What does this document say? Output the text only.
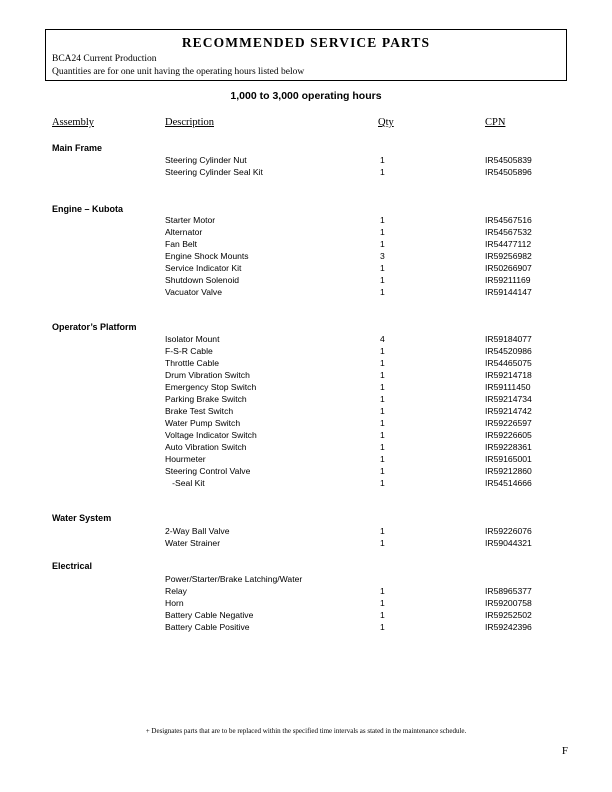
RECOMMENDED SERVICE PARTS
BCA24 Current Production
Quantities are for one unit having the operating hours listed below
1,000 to 3,000 operating hours
Assembly	Description	Qty	CPN
Main Frame
Steering Cylinder Nut	1	IR54505839
Steering Cylinder Seal Kit	1	IR54505896
Engine – Kubota
Starter Motor	1	IR54567516
Alternator	1	IR54567532
Fan Belt	1	IR54477112
Engine Shock Mounts	3	IR59256982
Service Indicator Kit	1	IR50266907
Shutdown Solenoid	1	IR59211169
Vacuator Valve	1	IR59144147
Operator’s Platform
Isolator Mount	4	IR59184077
F-S-R Cable	1	IR54520986
Throttle Cable	1	IR54465075
Drum Vibration Switch	1	IR59214718
Emergency Stop Switch	1	IR59111450
Parking Brake Switch	1	IR59214734
Brake Test Switch	1	IR59214742
Water Pump Switch	1	IR59226597
Voltage Indicator Switch	1	IR59226605
Auto Vibration Switch	1	IR59228361
Hourmeter	1	IR59165001
Steering Control Valve	1	IR59212860
-Seal Kit	1	IR54514666
Water System
2-Way Ball Valve	1	IR59226076
Water Strainer	1	IR59044321
Electrical
Power/Starter/Brake Latching/Water
Relay	1	IR58965377
Horn	1	IR59200758
Battery Cable Negative	1	IR59252502
Battery Cable Positive	1	IR59242396
+ Designates parts that are to be replaced within the specified time intervals as stated in the maintenance schedule.
F
